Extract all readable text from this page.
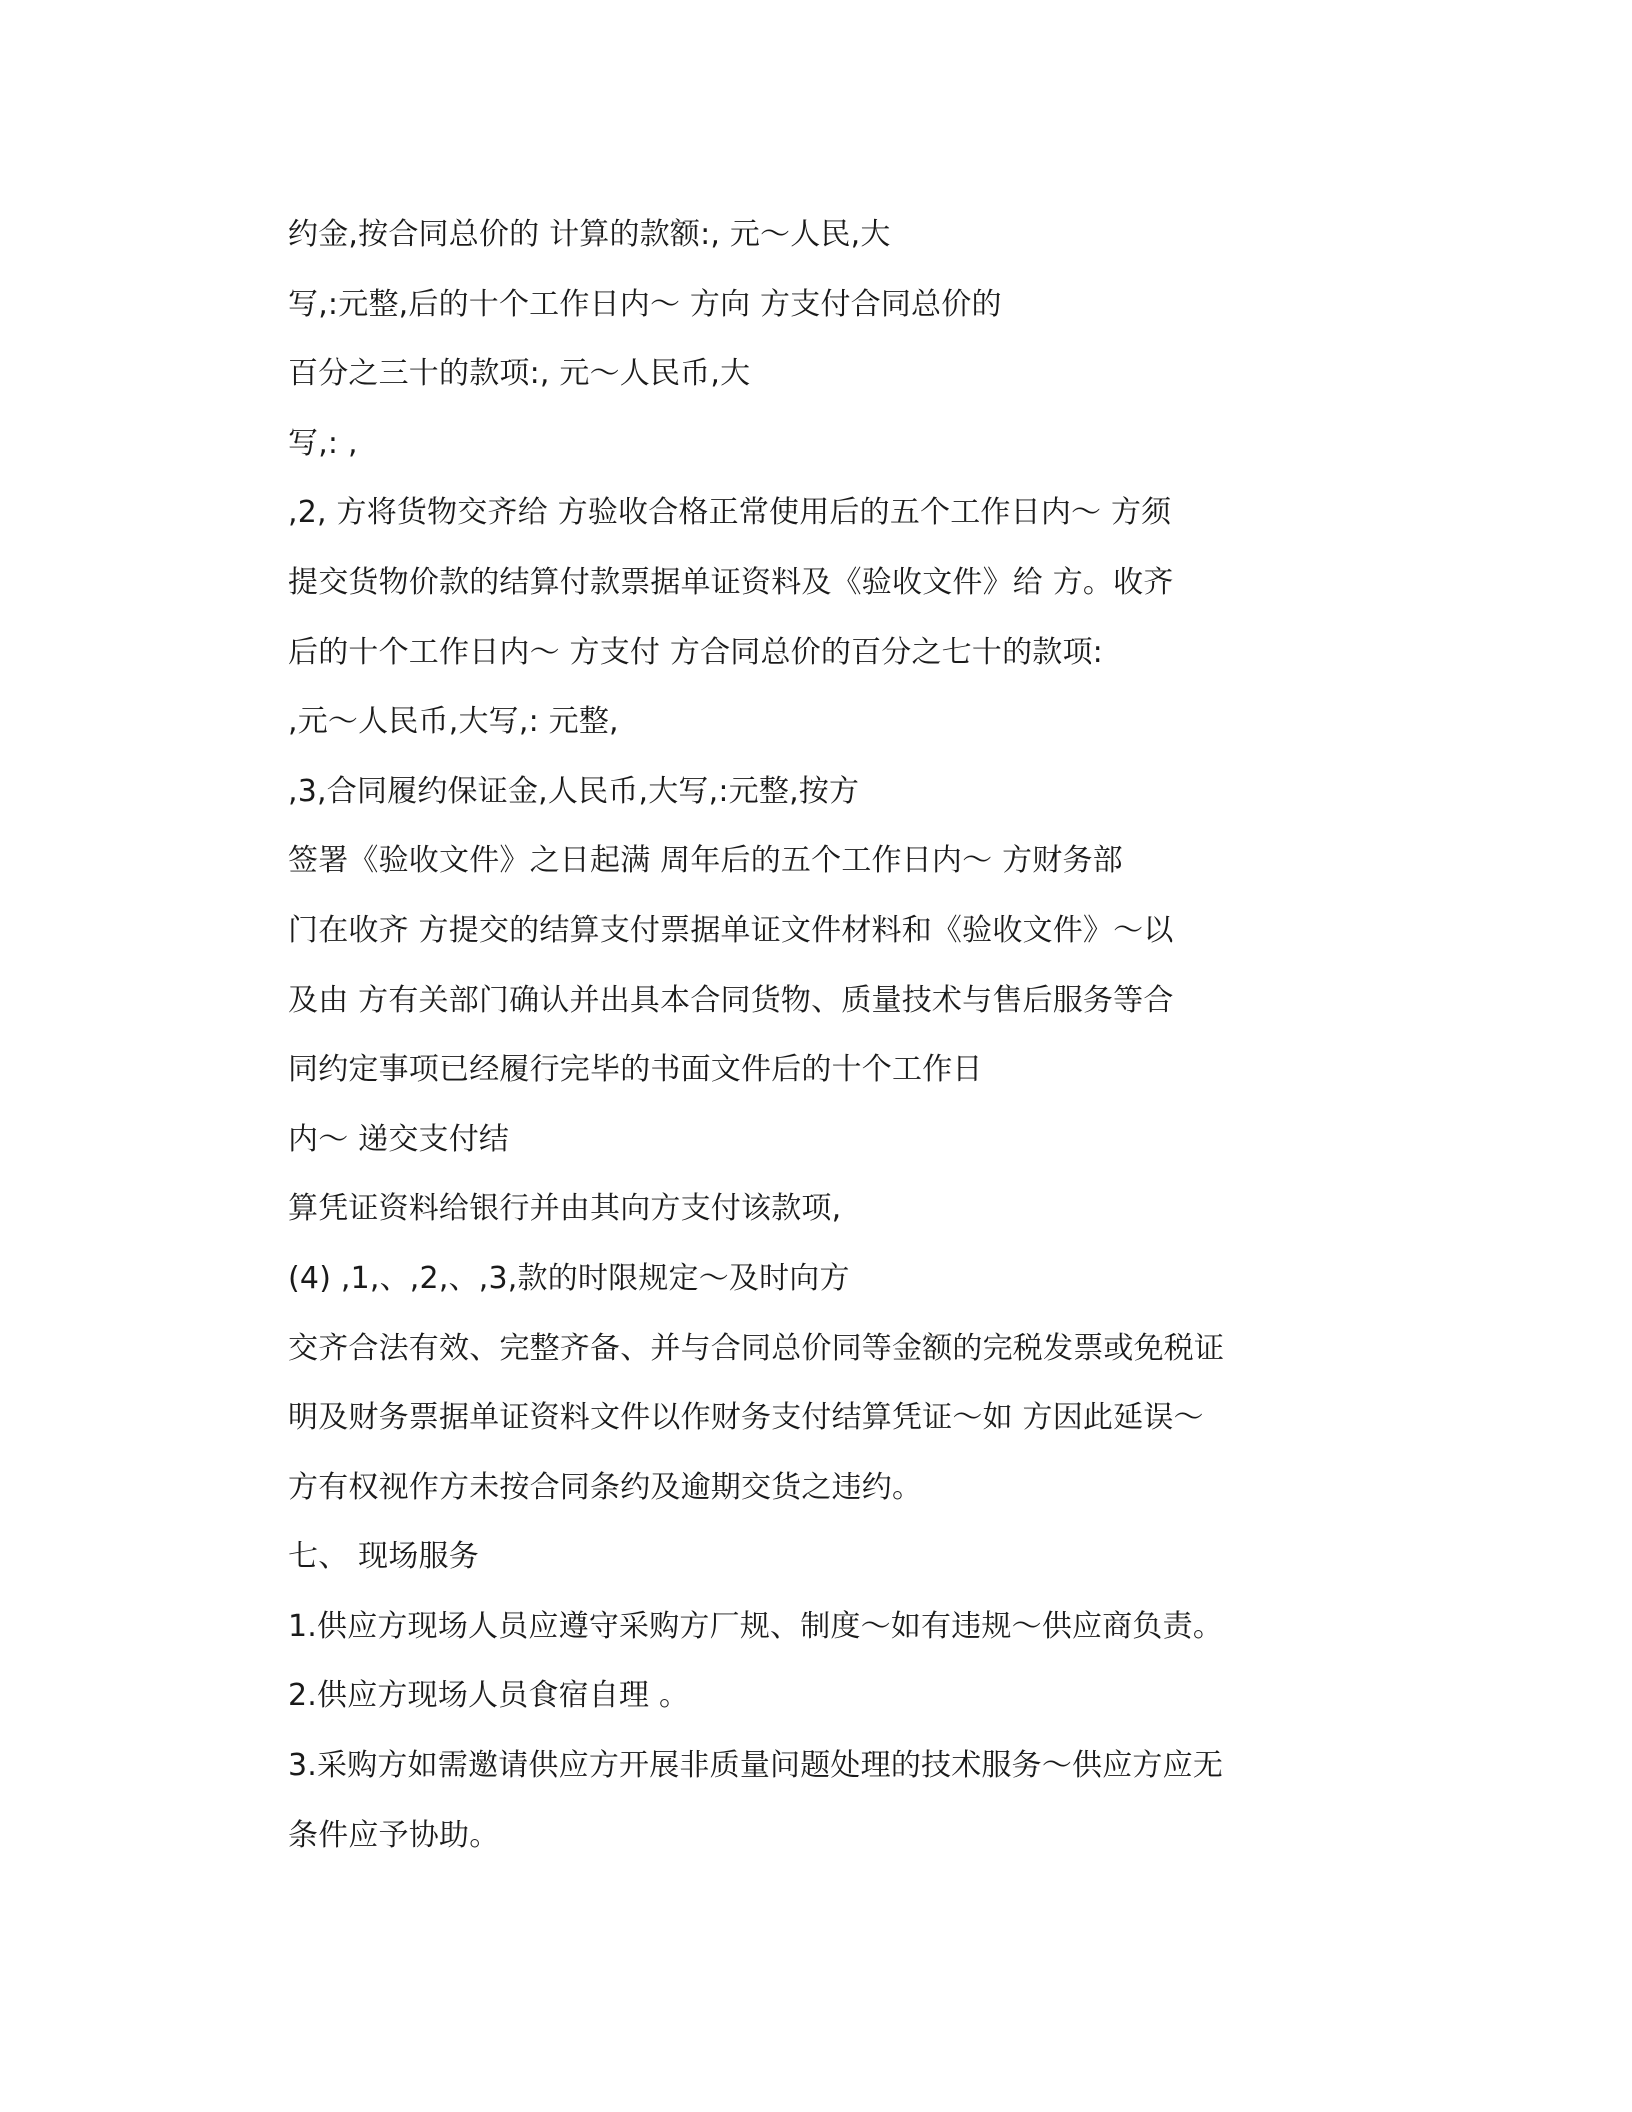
约金,按合同总价的 计算的款额:, 元～人民,大
写,:元整,后的十个工作日内～ 方向 方支付合同总价的
百分之三十的款项:, 元～人民币,大
写,: ,
,2, 方将货物交齐给 方验收合格正常使用后的五个工作日内～ 方须
提交货物价款的结算付款票据单证资料及《验收文件》给 方。收齐
后的十个工作日内～ 方支付 方合同总价的百分之七十的款项:
,元～人民币,大写,: 元整,
,3,合同履约保证金,人民币,大写,:元整,按方
签署《验收文件》之日起满 周年后的五个工作日内～ 方财务部
门在收齐 方提交的结算支付票据单证文件材料和《验收文件》～以
及由 方有关部门确认并出具本合同货物、质量技术与售后服务等合
同约定事项已经履行完毕的书面文件后的十个工作日
内～ 递交支付结
算凭证资料给银行并由其向方支付该款项,
(4) ,1,、,2,、,3,款的时限规定～及时向方
交齐合法有效、完整齐备、并与合同总价同等金额的完税发票或免税证
明及财务票据单证资料文件以作财务支付结算凭证～如 方因此延误～
方有权视作方未按合同条约及逾期交货之违约。
七、 现场服务
1.供应方现场人员应遵守采购方厂规、制度～如有违规～供应商负责。
2.供应方现场人员食宿自理 。
3.采购方如需邀请供应方开展非质量问题处理的技术服务～供应方应无
条件应予协助。
